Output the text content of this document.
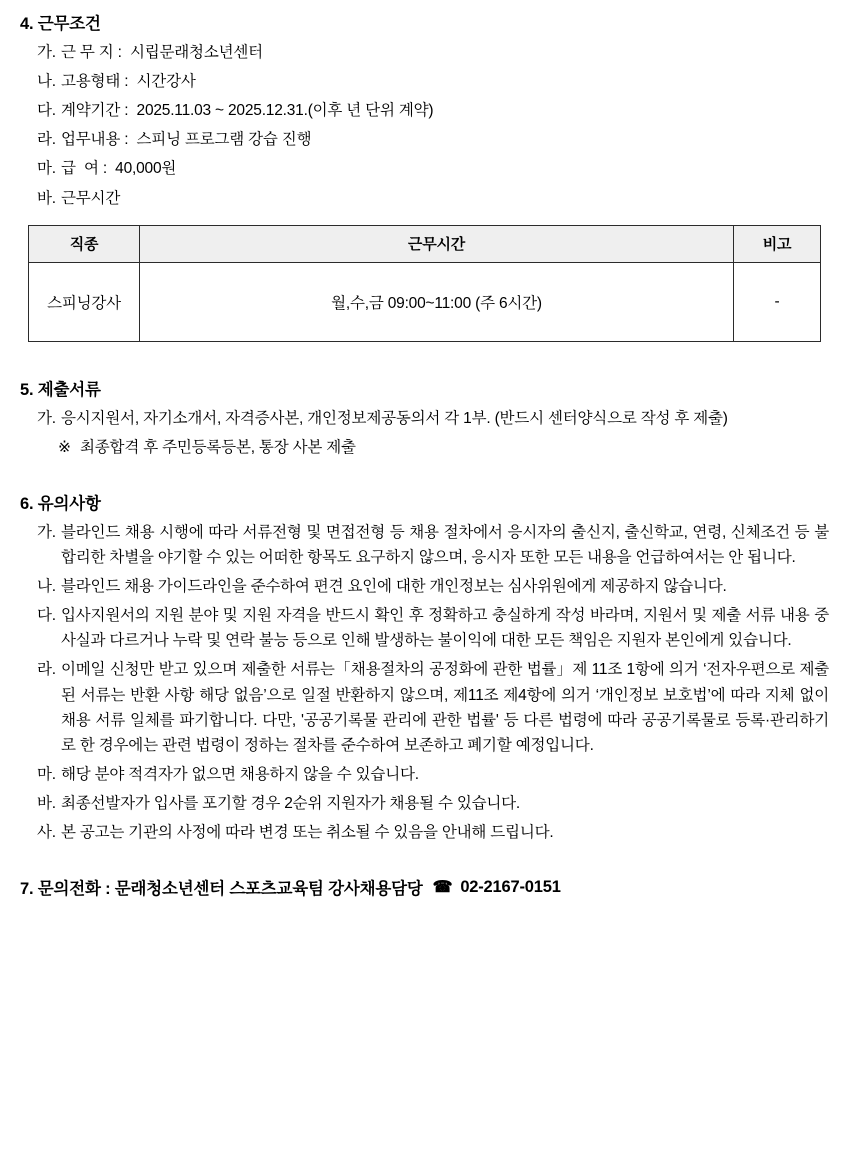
4. 근무조건
가. 근 무 지 :  시립문래청소년센터
나. 고용형태 :  시간강사
다. 계약기간 :  2025.11.03 ~ 2025.12.31.(이후 년 단위 계약)
라. 업무내용 :  스피닝 프로그램 강습 진행
마. 급  여 :  40,000원
바. 근무시간
직종	근무시간	비고
스피닝강사	월,수,금 09:00~11:00 (주 6시간)	-
5. 제출서류
가. 응시지원서, 자기소개서, 자격증사본, 개인정보제공동의서 각 1부. (반드시 센터양식으로 작성 후 제출)
※ 최종합격 후 주민등록등본, 통장 사본 제출
6. 유의사항
가. 블라인드 채용 시행에 따라 서류전형 및 면접전형 등 채용 절차에서 응시자의 출신지, 출신학교, 연령, 신체조건 등 불합리한 차별을 야기할 수 있는 어떠한 항목도 요구하지 않으며, 응시자 또한 모든 내용을 언급하여서는 안 됩니다.
나. 블라인드 채용 가이드라인을 준수하여 편견 요인에 대한 개인정보는 심사위원에게 제공하지 않습니다.
다. 입사지원서의 지원 분야 및 지원 자격을 반드시 확인 후 정확하고 충실하게 작성 바라며, 지원서 및 제출 서류 내용 중 사실과 다르거나 누락 및 연락 불능 등으로 인해 발생하는 불이익에 대한 모든 책임은 지원자 본인에게 있습니다.
라. 이메일 신청만 받고 있으며 제출한 서류는「채용절차의 공정화에 관한 법률」제 11조 1항에 의거 ‘전자우편으로 제출된 서류는 반환 사항 해당 없음’으로 일절 반환하지 않으며, 제11조 제4항에 의거 ‘개인정보 보호법’에 따라 지체 없이 채용 서류 일체를 파기합니다. 다만, '공공기록물 관리에 관한 법률' 등 다른 법령에 따라 공공기록물로 등록·관리하기로 한 경우에는 관련 법령이 정하는 절차를 준수하여 보존하고 폐기할 예정입니다.
마. 해당 분야 적격자가 없으면 채용하지 않을 수 있습니다.
바. 최종선발자가 입사를 포기할 경우 2순위 지원자가 채용될 수 있습니다.
사. 본 공고는 기관의 사정에 따라 변경 또는 취소될 수 있음을 안내해 드립니다.
7. 문의전화 : 문래청소년센터 스포츠교육팀 강사채용담당 ☎ 02-2167-0151
